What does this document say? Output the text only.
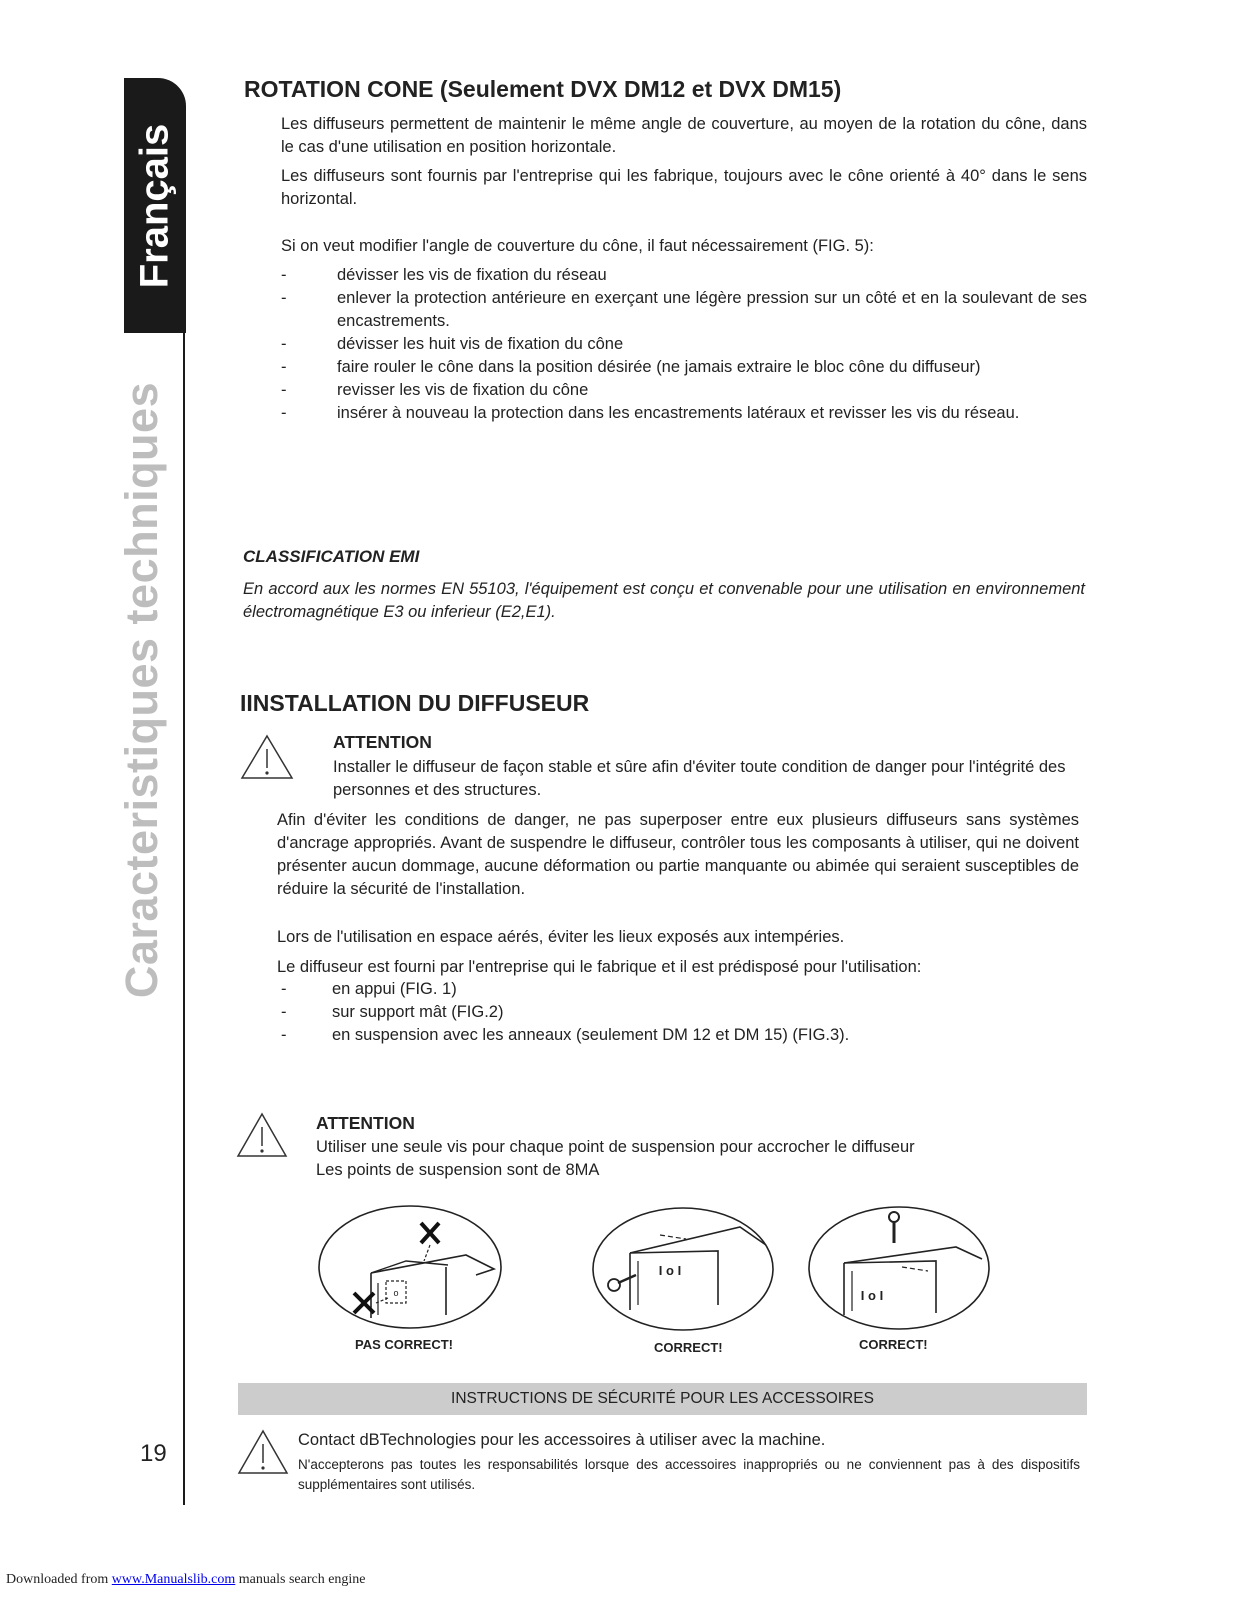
Français
Caracteristiques techniques
19
ROTATION CONE (Seulement DVX DM12 et DVX DM15)

Les diffuseurs permettent de maintenir le même angle de couverture, au moyen de la rotation du cône, dans le cas d'une utilisation en position horizontale.

Les diffuseurs sont fournis par l'entreprise qui les fabrique, toujours avec le cône orienté à 40° dans le sens horizontal.

Si on veut modifier l'angle de couverture du cône, il faut nécessairement (FIG. 5):

-	dévisser les vis de fixation du réseau
-	enlever la protection antérieure en exerçant une légère pression sur un côté et en la soulevant de ses encastrements.
-	dévisser les huit vis de fixation du cône
-	faire rouler le cône dans la position désirée (ne jamais extraire le bloc cône du diffuseur)
-	revisser les vis de fixation du cône
-	insérer à nouveau la protection dans les encastrements latéraux et revisser les vis du réseau.
CLASSIFICATION EMI

En accord aux les normes EN 55103, l'équipement est conçu et convenable pour une utilisation en environnement électromagnétique E3 ou inferieur (E2,E1).

IINSTALLATION DU DIFFUSEUR
ATTENTION

Installer le diffuseur de façon stable et sûre afin d'éviter toute condition de danger pour l'intégrité des personnes et des structures.

Afin d'éviter les conditions de danger, ne pas superposer entre eux plusieurs diffuseurs sans systèmes d'ancrage appropriés. Avant de suspendre le diffuseur, contrôler tous les composants à utiliser, qui ne doivent présenter aucun dommage, aucune déformation ou partie manquante ou abimée qui seraient susceptibles de réduire la sécurité de l'installation.

Lors de l'utilisation en espace aérés, éviter les lieux exposés aux intempéries.

Le diffuseur est fourni par l'entreprise qui le fabrique et il est prédisposé pour l'utilisation:

-	en appui (FIG. 1)
-	sur support mât (FIG.2)
-	en suspension avec les anneaux (seulement DM 12 et DM 15) (FIG.3).
ATTENTION
Utiliser une seule vis pour chaque point de suspension pour accrocher le diffuseur
Les points de suspension sont de 8MA
o
PAS CORRECT!
I o I
CORRECT!
I o I
CORRECT!
INSTRUCTIONS DE SÉCURITÉ POUR LES ACCESSOIRES
Contact dBTechnologies pour les accessoires à utiliser avec la machine.

N'accepterons pas toutes les responsabilités lorsque des accessoires inappropriés ou ne conviennent pas à des dispositifs supplémentaires sont utilisés.

Downloaded from www.Manualslib.com manuals search engine
